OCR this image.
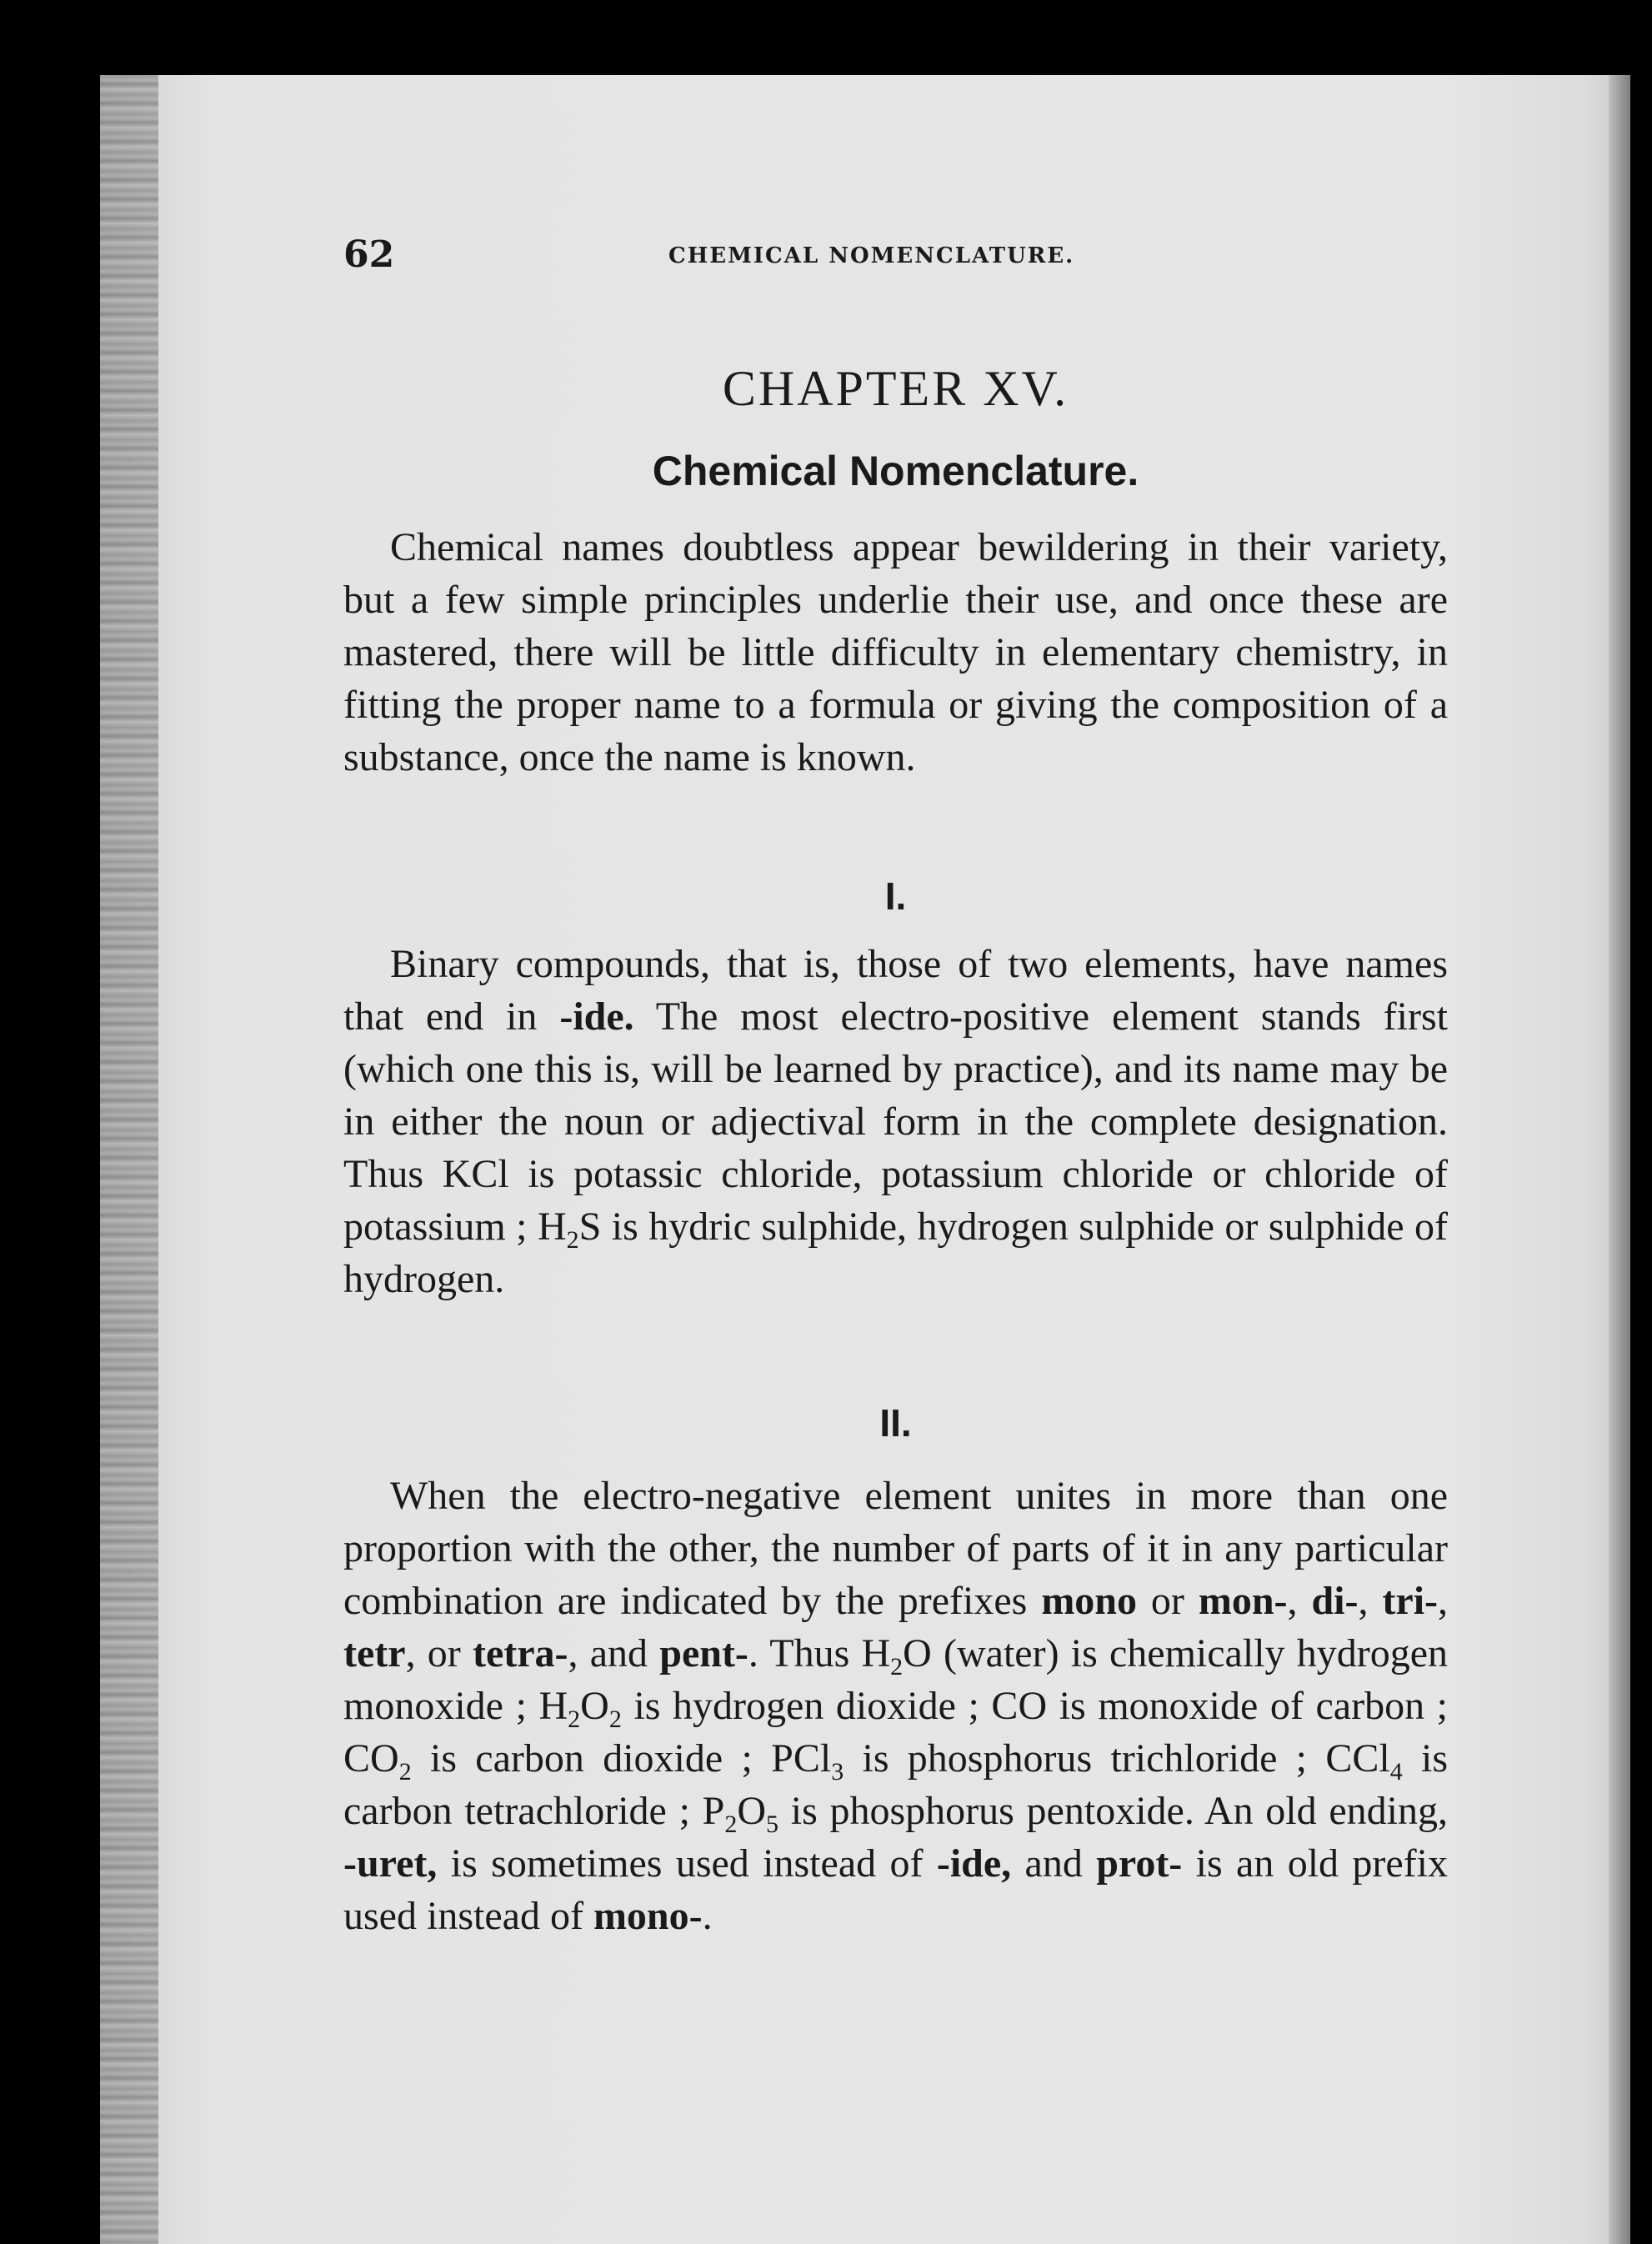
62	CHEMICAL NOMENCLATURE.
CHAPTER XV.
Chemical Nomenclature.

Chemical names doubtless appear bewildering in their variety, but a few simple principles underlie their use, and once these are mastered, there will be little difficulty in elementary chemistry, in fitting the proper name to a formula or giving the composition of a substance, once the name is known.

I.

Binary compounds, that is, those of two elements, have names that end in -ide. The most electro-positive element stands first (which one this is, will be learned by practice), and its name may be in either the noun or adjectival form in the complete designation. Thus KCl is potassic chloride, potassium chloride or chloride of potassium ; $H_2S$ is hydric sulphide, hydrogen sulphide or sulphide of hydrogen.

II.

When the electro-negative element unites in more than one proportion with the other, the number of parts of it in any particular combination are indicated by the prefixes mono or mon-, di-, tri-, tetr, or tetra-, and pent-. Thus $H_2O$ (water) is chemically hydrogen monoxide ; $H_2O_2$ is hydrogen dioxide ; CO is monoxide of carbon ; $CO_2$ is carbon dioxide ; PCl$_3$ is phosphorus trichloride ; CCl$_4$ is carbon tetrachloride ; $P_2O_5$ is phosphorus pentoxide. An old ending, -uret, is sometimes used instead of -ide, and prot- is an old prefix used instead of mono-.
